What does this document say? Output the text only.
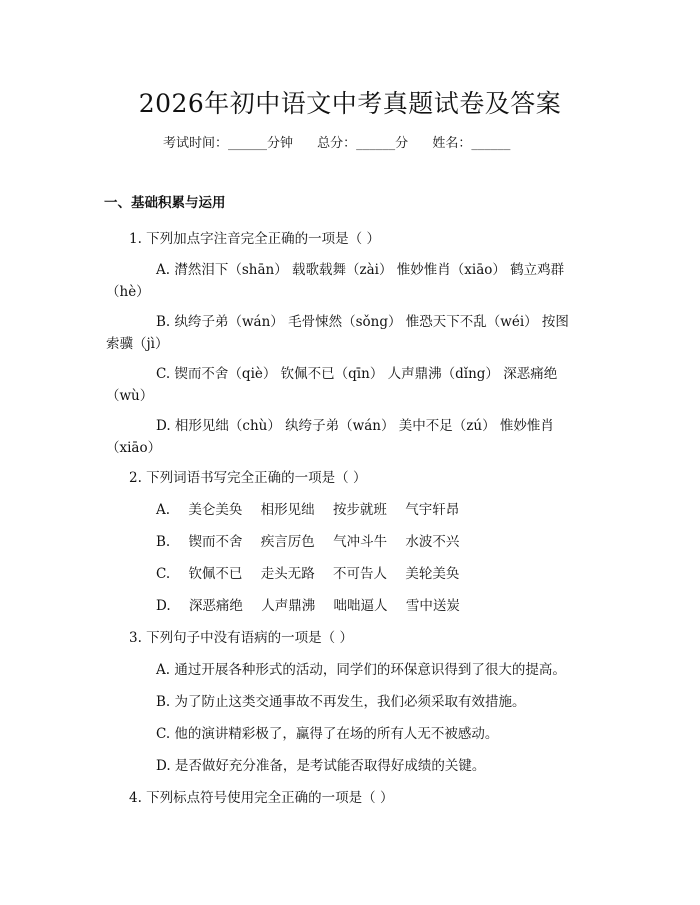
2026年初中语文中考真题试卷及答案
考试时间：______分钟 总分：______分 姓名：______
一、基础积累与运用
1. 下列加点字注音完全正确的一项是（ ）
A. 潸然泪下（shān） 载歌载舞（zài） 惟妙惟肖（xiāo） 鹤立鸡群
（hè）
B. 纨绔子弟（wán） 毛骨悚然（sǒng） 惟恐天下不乱（wéi） 按图
索骥（jì）
C. 锲而不舍（qiè） 钦佩不已（qīn） 人声鼎沸（dǐng） 深恶痛绝
（wù）
D. 相形见绌（chù） 纨绔子弟（wán） 美中不足（zú） 惟妙惟肖
（xiāo）
2. 下列词语书写完全正确的一项是（ ）
A. 美仑美奂 相形见绌 按步就班 气宇轩昂
B. 锲而不舍 疾言厉色 气冲斗牛 水波不兴
C. 钦佩不已 走头无路 不可告人 美轮美奂
D. 深恶痛绝 人声鼎沸 咄咄逼人 雪中送炭
3. 下列句子中没有语病的一项是（ ）
A. 通过开展各种形式的活动，同学们的环保意识得到了很大的提高。
B. 为了防止这类交通事故不再发生，我们必须采取有效措施。
C. 他的演讲精彩极了，赢得了在场的所有人无不被感动。
D. 是否做好充分准备，是考试能否取得好成绩的关键。
4. 下列标点符号使用完全正确的一项是（ ）
